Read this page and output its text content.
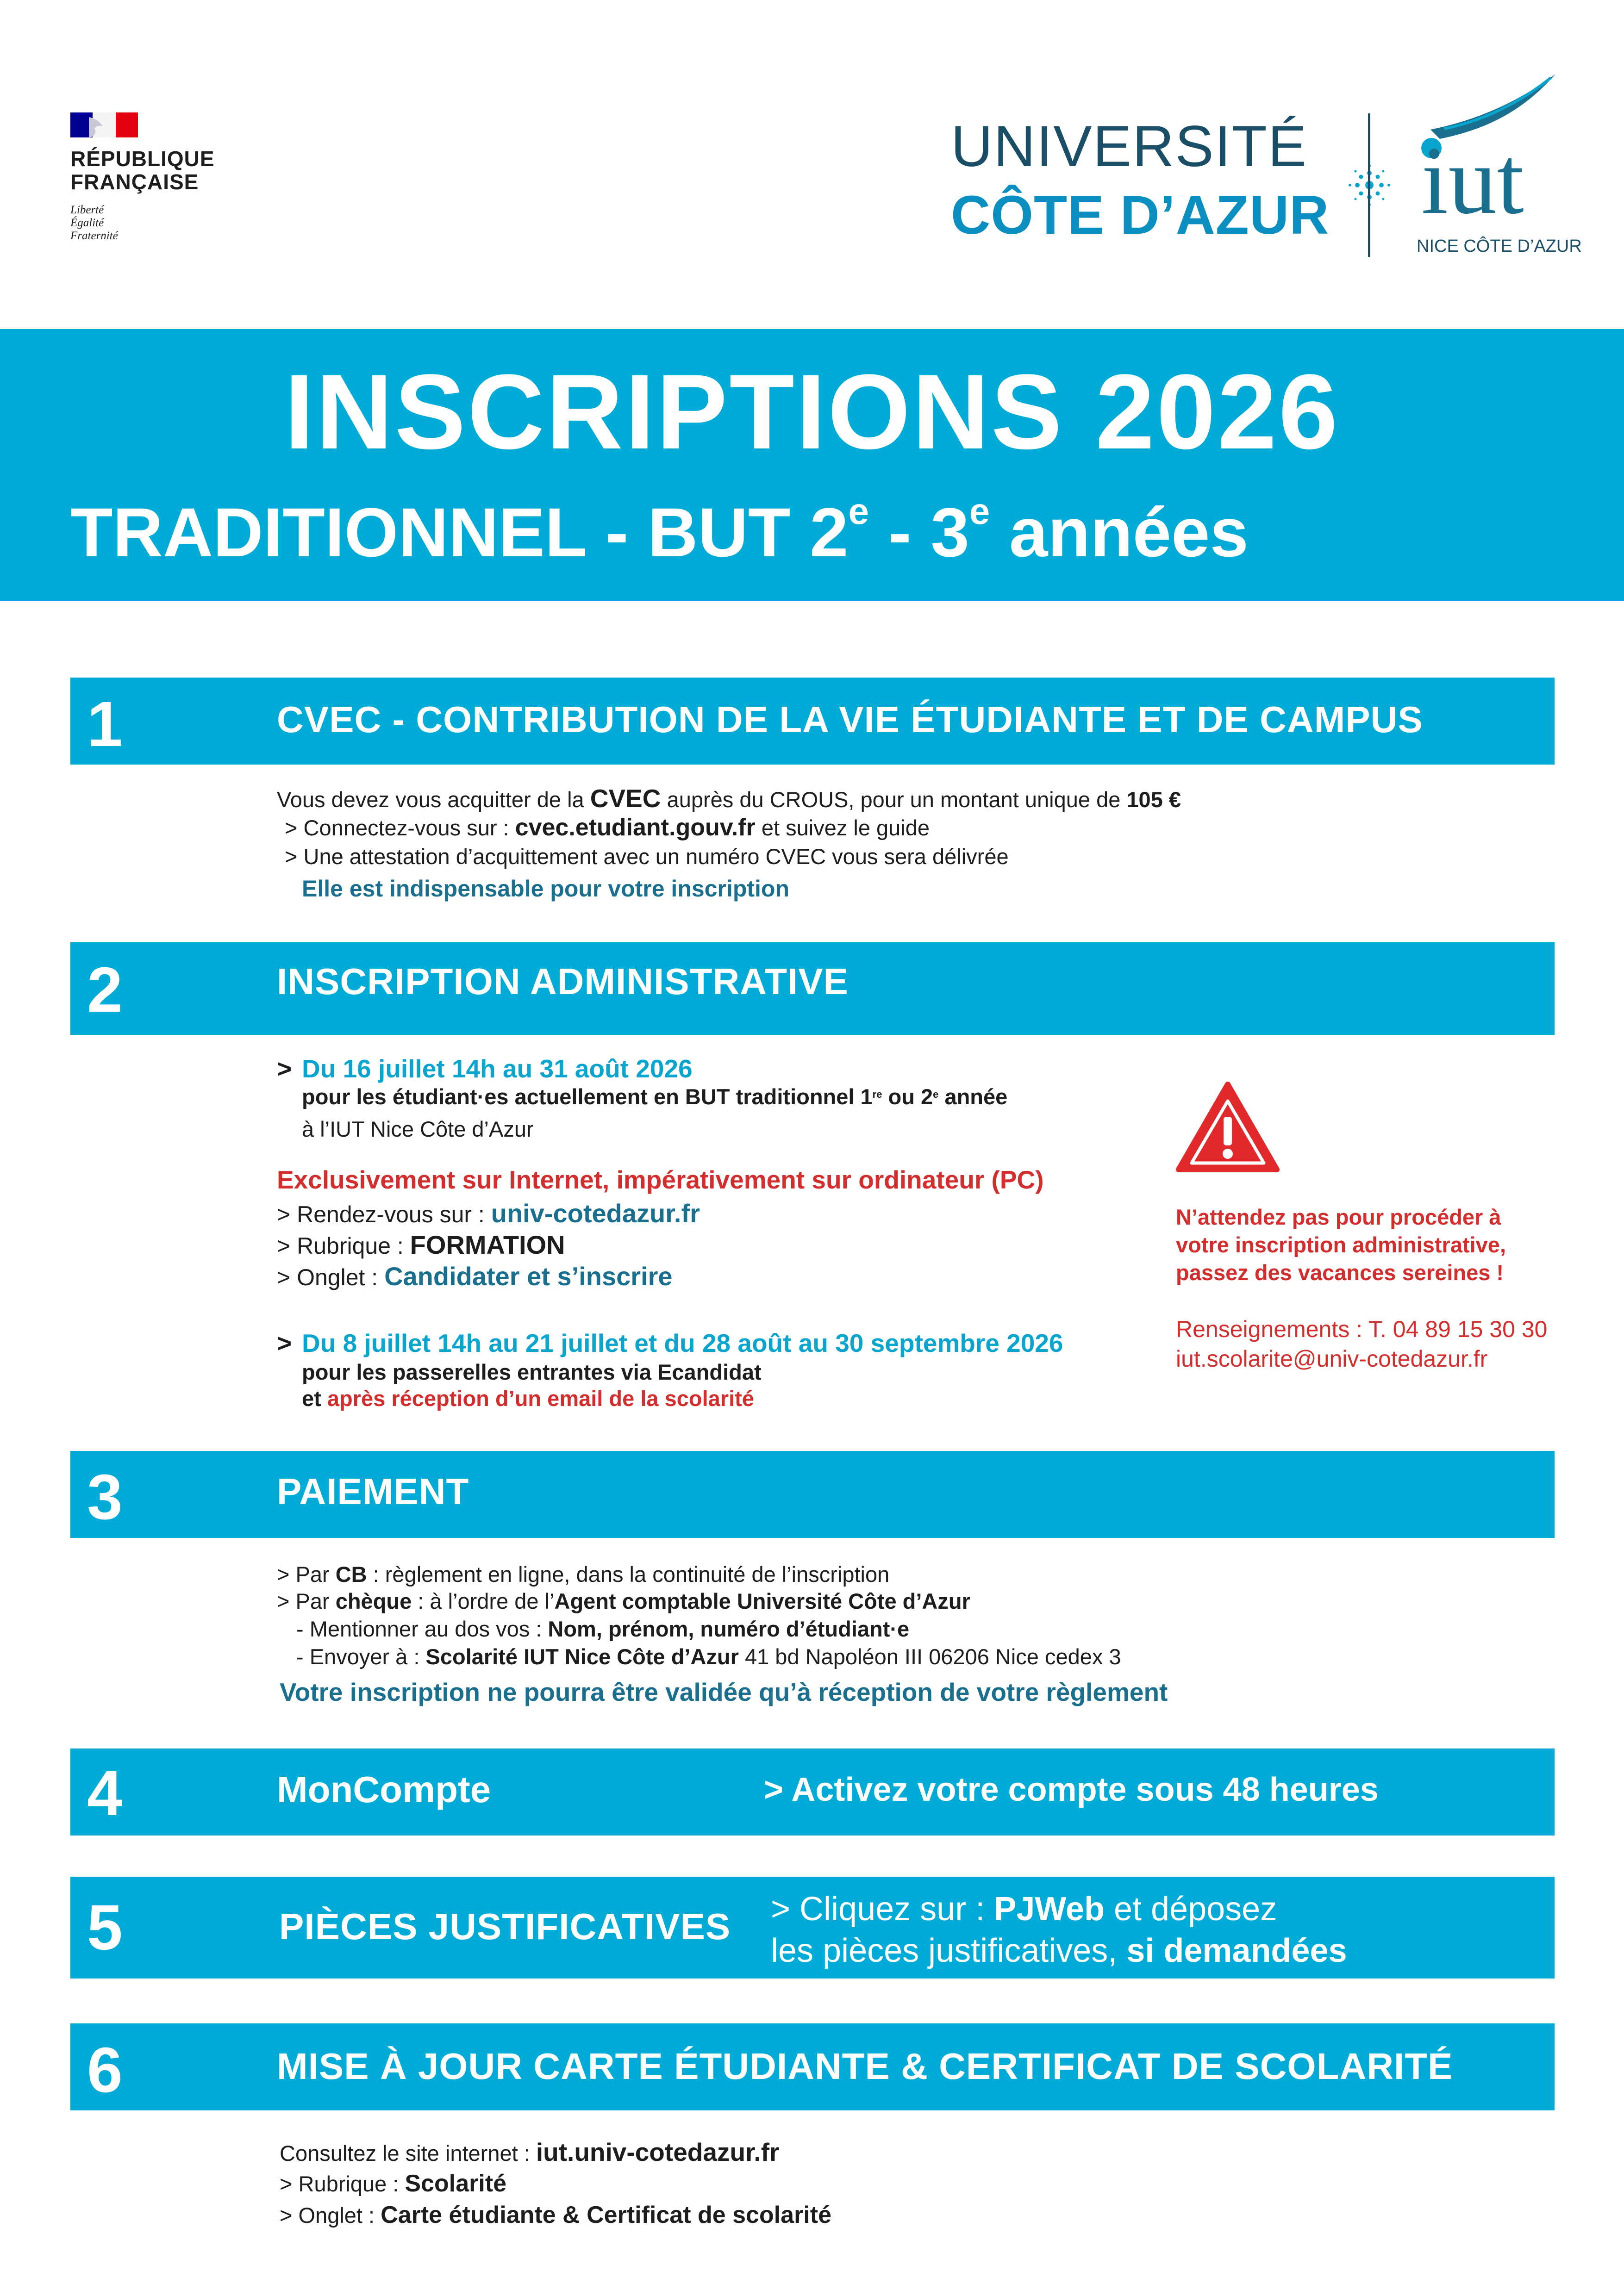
RÉPUBLIQUE
FRANÇAISE
Liberté
Égalité
Fraternité
UNIVERSITÉ
CÔTE D’AZUR iut
NICE CÔTE D’AZUR
INSCRIPTIONS 2026
TRADITIONNEL - BUT 2e - 3e années
1	CVEC - CONTRIBUTION DE LA VIE ÉTUDIANTE ET DE CAMPUS
Vous devez vous acquitter de la CVEC auprès du CROUS, pour un montant unique de 105 €
> Connectez-vous sur : cvec.etudiant.gouv.fr et suivez le guide
> Une attestation d’acquittement avec un numéro CVEC vous sera délivrée
Elle est indispensable pour votre inscription
2	INSCRIPTION ADMINISTRATIVE
> Du 16 juillet 14h au 31 août 2026
pour les étudiant·es actuellement en BUT traditionnel 1re ou 2e année
à l’IUT Nice Côte d’Azur
Exclusivement sur Internet, impérativement sur ordinateur (PC)
> Rendez-vous sur : univ-cotedazur.fr
> Rubrique : FORMATION
> Onglet : Candidater et s’inscrire
> Du 8 juillet 14h au 21 juillet et du 28 août au 30 septembre 2026
pour les passerelles entrantes via Ecandidat
et après réception d’un email de la scolarité
N’attendez pas pour procéder à
votre inscription administrative,
passez des vacances sereines !
Renseignements : T. 04 89 15 30 30
iut.scolarite@univ-cotedazur.fr
3	PAIEMENT
> Par CB : règlement en ligne, dans la continuité de l’inscription
> Par chèque : à l’ordre de l’Agent comptable Université Côte d’Azur
- Mentionner au dos vos : Nom, prénom, numéro d’étudiant·e
- Envoyer à : Scolarité IUT Nice Côte d’Azur 41 bd Napoléon III 06206 Nice cedex 3
Votre inscription ne pourra être validée qu’à réception de votre règlement
4	MonCompte	> Activez votre compte sous 48 heures
5	PIÈCES JUSTIFICATIVES > Cliquez sur : PJWeb et déposez
les pièces justificatives, si demandées
6	MISE À JOUR CARTE ÉTUDIANTE & CERTIFICAT DE SCOLARITÉ
Consultez le site internet : iut.univ-cotedazur.fr
> Rubrique : Scolarité
> Onglet : Carte étudiante & Certificat de scolarité
